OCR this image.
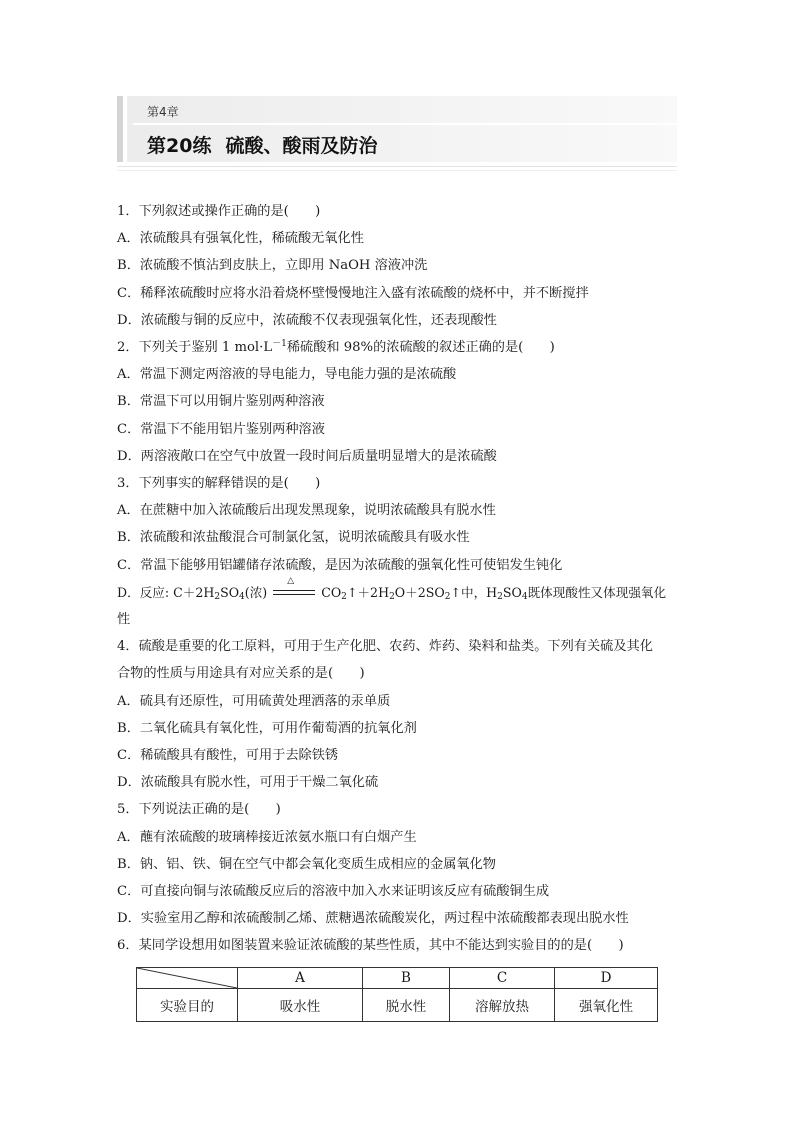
第4章

第20练 硫酸、酸雨及防治

1．下列叙述或操作正确的是(　　)

A．浓硫酸具有强氧化性，稀硫酸无氧化性

B．浓硫酸不慎沾到皮肤上，立即用 NaOH 溶液冲洗

C．稀释浓硫酸时应将水沿着烧杯壁慢慢地注入盛有浓硫酸的烧杯中，并不断搅拌

D．浓硫酸与铜的反应中，浓硫酸不仅表现强氧化性，还表现酸性

2．下列关于鉴别 1 $mol\cdot L^{-1}$稀硫酸和 98%的浓硫酸的叙述正确的是(　　)

A．常温下测定两溶液的导电能力，导电能力强的是浓硫酸

B．常温下可以用铜片鉴别两种溶液

C．常温下不能用铝片鉴别两种溶液

D．两溶液敞口在空气中放置一段时间后质量明显增大的是浓硫酸

3．下列事实的解释错误的是(　　)

A．在蔗糖中加入浓硫酸后出现发黑现象，说明浓硫酸具有脱水性

B．浓硫酸和浓盐酸混合可制氯化氢，说明浓硫酸具有吸水性

C．常温下能够用铝罐储存浓硫酸，是因为浓硫酸的强氧化性可使铝发生钝化

D．反应: $C+2H_2SO_4$(浓)
△
$CO_2↑+2H_2O+2SO_2↑$中，$H_2SO_4$既体现酸性又体现强氧化

性

4．硫酸是重要的化工原料，可用于生产化肥、农药、炸药、染料和盐类。下列有关硫及其化

合物的性质与用途具有对应关系的是(　　)

A．硫具有还原性，可用硫黄处理洒落的汞单质

B．二氧化硫具有氧化性，可用作葡萄酒的抗氧化剂

C．稀硫酸具有酸性，可用于去除铁锈

D．浓硫酸具有脱水性，可用于干燥二氧化硫

5．下列说法正确的是(　　)

A．蘸有浓硫酸的玻璃棒接近浓氨水瓶口有白烟产生

B．钠、铝、铁、铜在空气中都会氧化变质生成相应的金属氧化物

C．可直接向铜与浓硫酸反应后的溶液中加入水来证明该反应有硫酸铜生成

D．实验室用乙醇和浓硫酸制乙烯、蔗糖遇浓硫酸炭化，两过程中浓硫酸都表现出脱水性

6．某同学设想用如图装置来验证浓硫酸的某些性质，其中不能达到实验目的的是(　　)

	A	B	C	D
实验目的	吸水性	脱水性	溶解放热	强氧化性
